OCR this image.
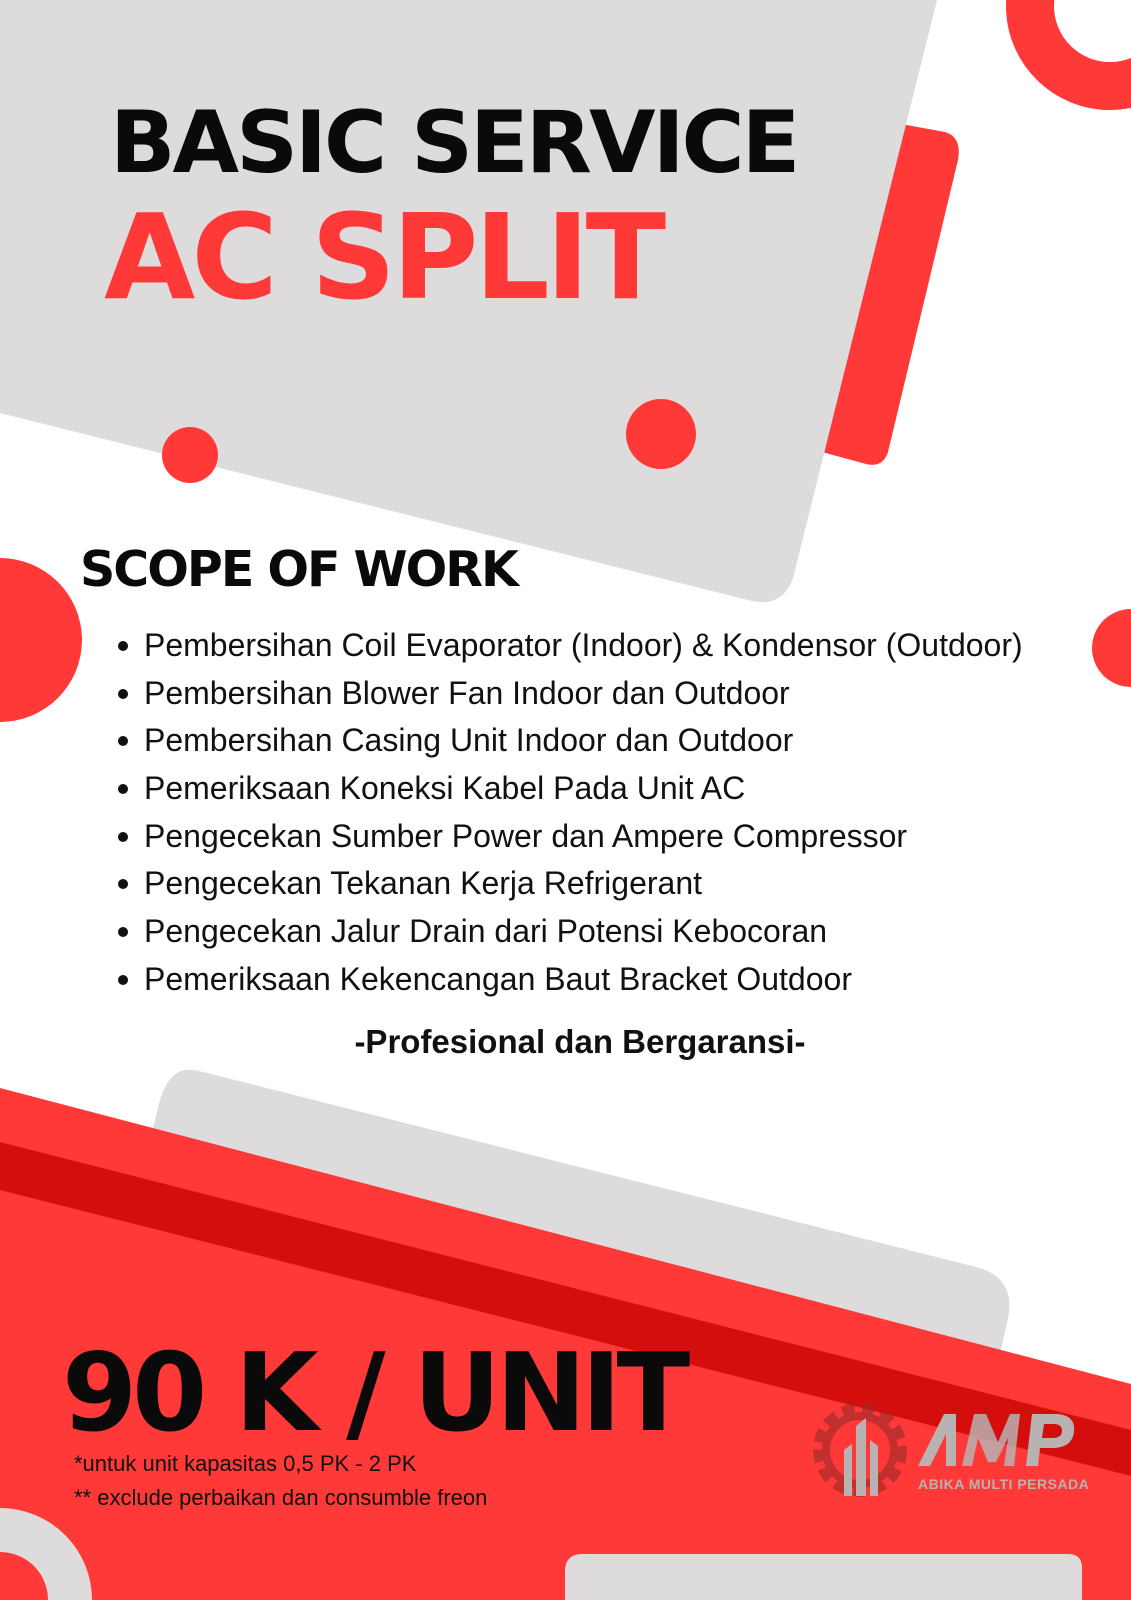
BASIC SERVICE
AC SPLIT
SCOPE OF WORK
Pembersihan Coil Evaporator (Indoor) & Kondensor (Outdoor)
Pembersihan Blower Fan Indoor dan Outdoor
Pembersihan Casing Unit Indoor dan Outdoor
Pemeriksaan Koneksi Kabel Pada Unit AC
Pengecekan Sumber Power dan Ampere Compressor
Pengecekan Tekanan Kerja Refrigerant
Pengecekan Jalur Drain dari Potensi Kebocoran
Pemeriksaan Kekencangan Baut Bracket Outdoor

-Profesional dan Bergaransi-

90 K / UNIT

*untuk unit kapasitas 0,5 PK - 2 PK

** exclude perbaikan dan consumble freon

ABIKA MULTI PERSADA
